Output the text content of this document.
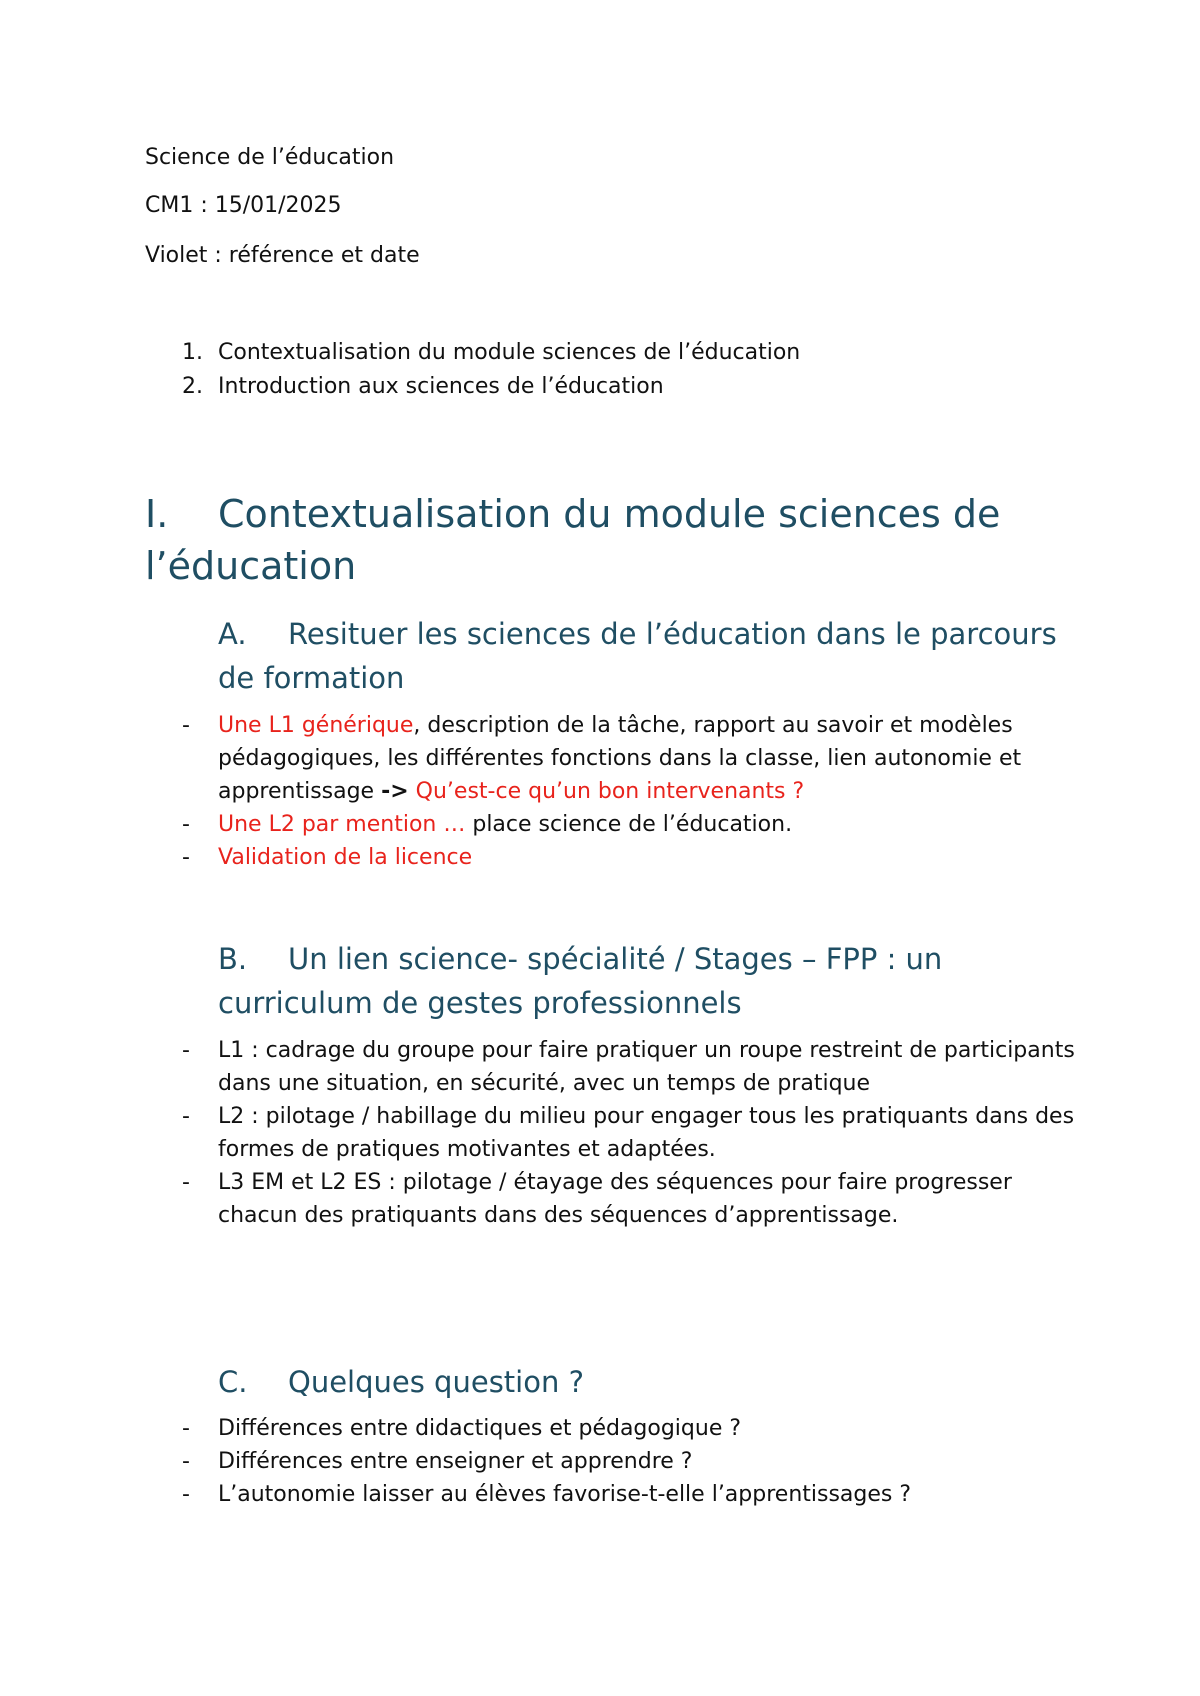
Science de l’éducation
CM1 : 15/01/2025
Violet : référence et date
1. Contextualisation du module sciences de l’éducation
2. Introduction aux sciences de l’éducation
I. Contextualisation du module sciences de l’éducation
A. Resituer les sciences de l’éducation dans le parcours de formation
- Une L1 générique, description de la tâche, rapport au savoir et modèles pédagogiques, les différentes fonctions dans la classe, lien autonomie et apprentissage -> Qu’est-ce qu’un bon intervenants ?
- Une L2 par mention … place science de l’éducation.
- Validation de la licence
B. Un lien science- spécialité / Stages – FPP : un curriculum de gestes professionnels
- L1 : cadrage du groupe pour faire pratiquer un roupe restreint de participants dans une situation, en sécurité, avec un temps de pratique
- L2 : pilotage / habillage du milieu pour engager tous les pratiquants dans des formes de pratiques motivantes et adaptées.
- L3 EM et L2 ES : pilotage / étayage des séquences pour faire progresser chacun des pratiquants dans des séquences d’apprentissage.
C. Quelques question ?
- Différences entre didactiques et pédagogique ?
- Différences entre enseigner et apprendre ?
- L’autonomie laisser au élèves favorise-t-elle l’apprentissages ?
